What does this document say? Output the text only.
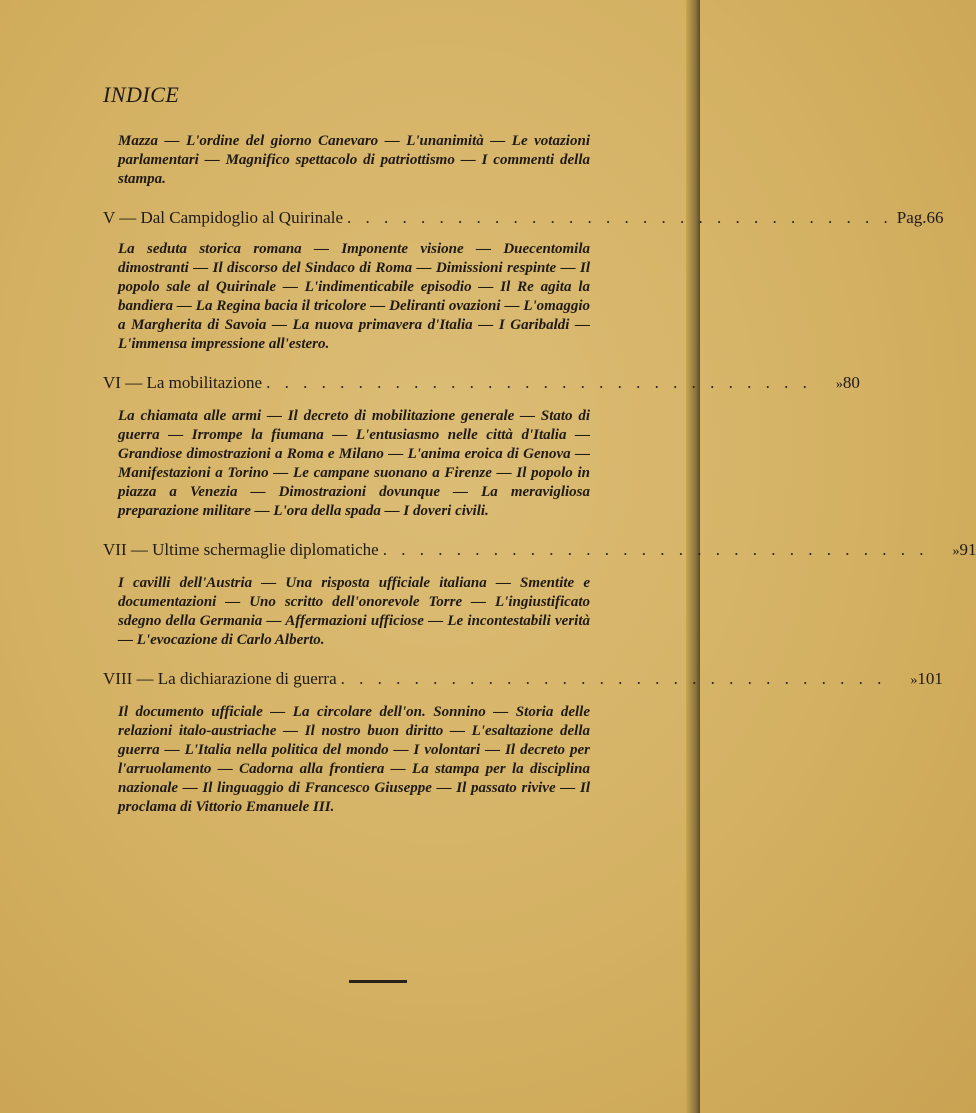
INDICE

Mazza — L'ordine del giorno Canevaro — L'unanimità — Le votazioni parlamentari — Magnifico spettacolo di patriottismo — I commenti della stampa.

V — Dal Campidoglio al Quirinale . . . . . . . . . . . . . . . . . . . . . . . . . . . . . . Pag. 66

La seduta storica romana — Imponente visione — Duecentomila dimostranti — Il discorso del Sindaco di Roma — Dimissioni respinte — Il popolo sale al Quirinale — L'indimenticabile episodio — Il Re agita la bandiera — La Regina bacia il tricolore — Deliranti ovazioni — L'omaggio a Margherita di Savoia — La nuova primavera d'Italia — I Garibaldi — L'immensa impressione all'estero.

VI — La mobilitazione . . . . . . . . . . . . . . . . . . . . . . . . . . . . . .	» 80

La chiamata alle armi — Il decreto di mobilitazione generale — Stato di guerra — Irrompe la fiumana — L'entusiasmo nelle città d'Italia — Grandiose dimostrazioni a Roma e Milano — L'anima eroica di Genova — Manifestazioni a Torino — Le campane suonano a Firenze — Il popolo in piazza a Venezia — Dimostrazioni dovunque — La meravigliosa preparazione militare — L'ora della spada — I doveri civili.

VII — Ultime schermaglie diplomatiche . . . . . . . . . . . . . . . . . . . . . . . . . . . . . .	» 91

I cavilli dell'Austria — Una risposta ufficiale italiana — Smentite e documentazioni — Uno scritto dell'onorevole Torre — L'ingiustificato sdegno della Germania — Affermazioni ufficiose — Le incontestabili verità — L'evocazione di Carlo Alberto.

VIII — La dichiarazione di guerra . . . . . . . . . . . . . . . . . . . . . . . . . . . . . .	» 101

Il documento ufficiale — La circolare dell'on. Sonnino — Storia delle relazioni italo-austriache — Il nostro buon diritto — L'esaltazione della guerra — L'Italia nella politica del mondo — I volontari — Il decreto per l'arruolamento — Cadorna alla frontiera — La stampa per la disciplina nazionale — Il linguaggio di Francesco Giuseppe — Il passato rivive — Il proclama di Vittorio Emanuele III.
